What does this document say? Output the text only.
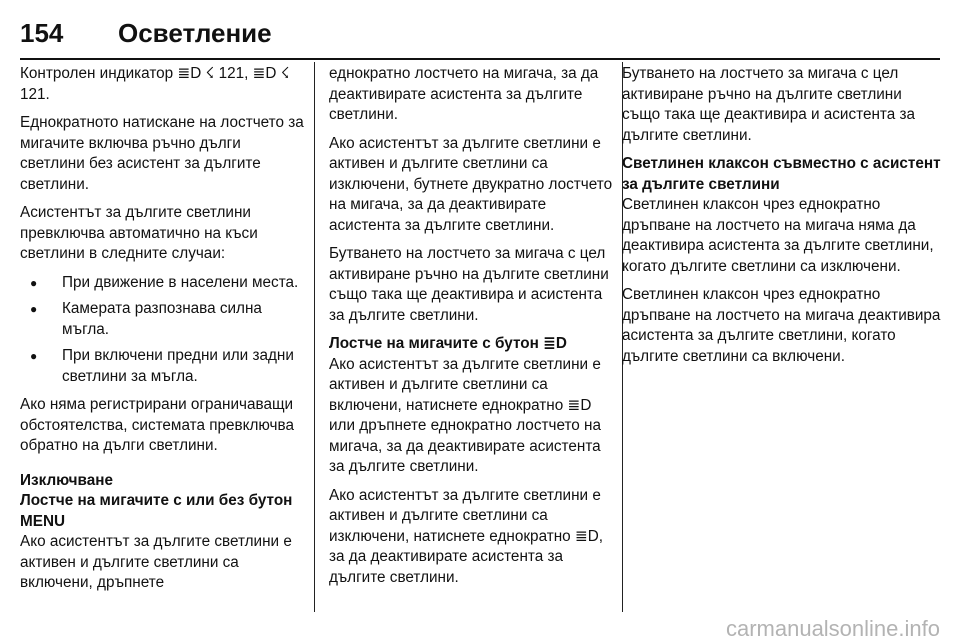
154 Осветление

Контролен индикатор ≣D ☇ 121, ≣D ☇ 121.

Еднократното натискане на лостчето за мигачите включва ръчно дълги светлини без асистент за дългите светлини.

Асистентът за дългите светлини превключва автоматично на къси светлини в следните случаи:

● При движение в населени места.
● Камерата разпознава силна мъгла.
● При включени предни или задни светлини за мъгла.

Ако няма регистрирани ограничаващи обстоятелства, системата превключва обратно на дълги светлини.

Изключване

Лостче на мигачите с или без бутон MENU

Ако асистентът за дългите светлини е активен и дългите светлини са включени, дръпнете

еднократно лостчето на мигача, за да деактивирате асистента за дългите светлини.

Ако асистентът за дългите светлини е активен и дългите светлини са изключени, бутнете двукратно лостчето на мигача, за да деактивирате асистента за дългите светлини.

Бутването на лостчето за мигача с цел активиране ръчно на дългите светлини също така ще деактивира и асистента за дългите светлини.

Лостче на мигачите с бутон ≣D

Ако асистентът за дългите светлини е активен и дългите светлини са включени, натиснете еднократно ≣D или дръпнете еднократно лостчето на мигача, за да деактивирате асистента за дългите светлини.

Ако асистентът за дългите светлини е активен и дългите светлини са изключени, натиснете еднократно ≣D, за да деактивирате асистента за дългите светлини.

Бутването на лостчето за мигача с цел активиране ръчно на дългите светлини също така ще деактивира и асистента за дългите светлини.

Светлинен клаксон съвместно с асистент за дългите светлини

Светлинен клаксон чрез еднократно дръпване на лостчето на мигача няма да деактивира асистента за дългите светлини, когато дългите светлини са изключени.

Светлинен клаксон чрез еднократно дръпване на лостчето на мигача деактивира асистента за дългите светлини, когато дългите светлини са включени.

carmanualsonline.info
